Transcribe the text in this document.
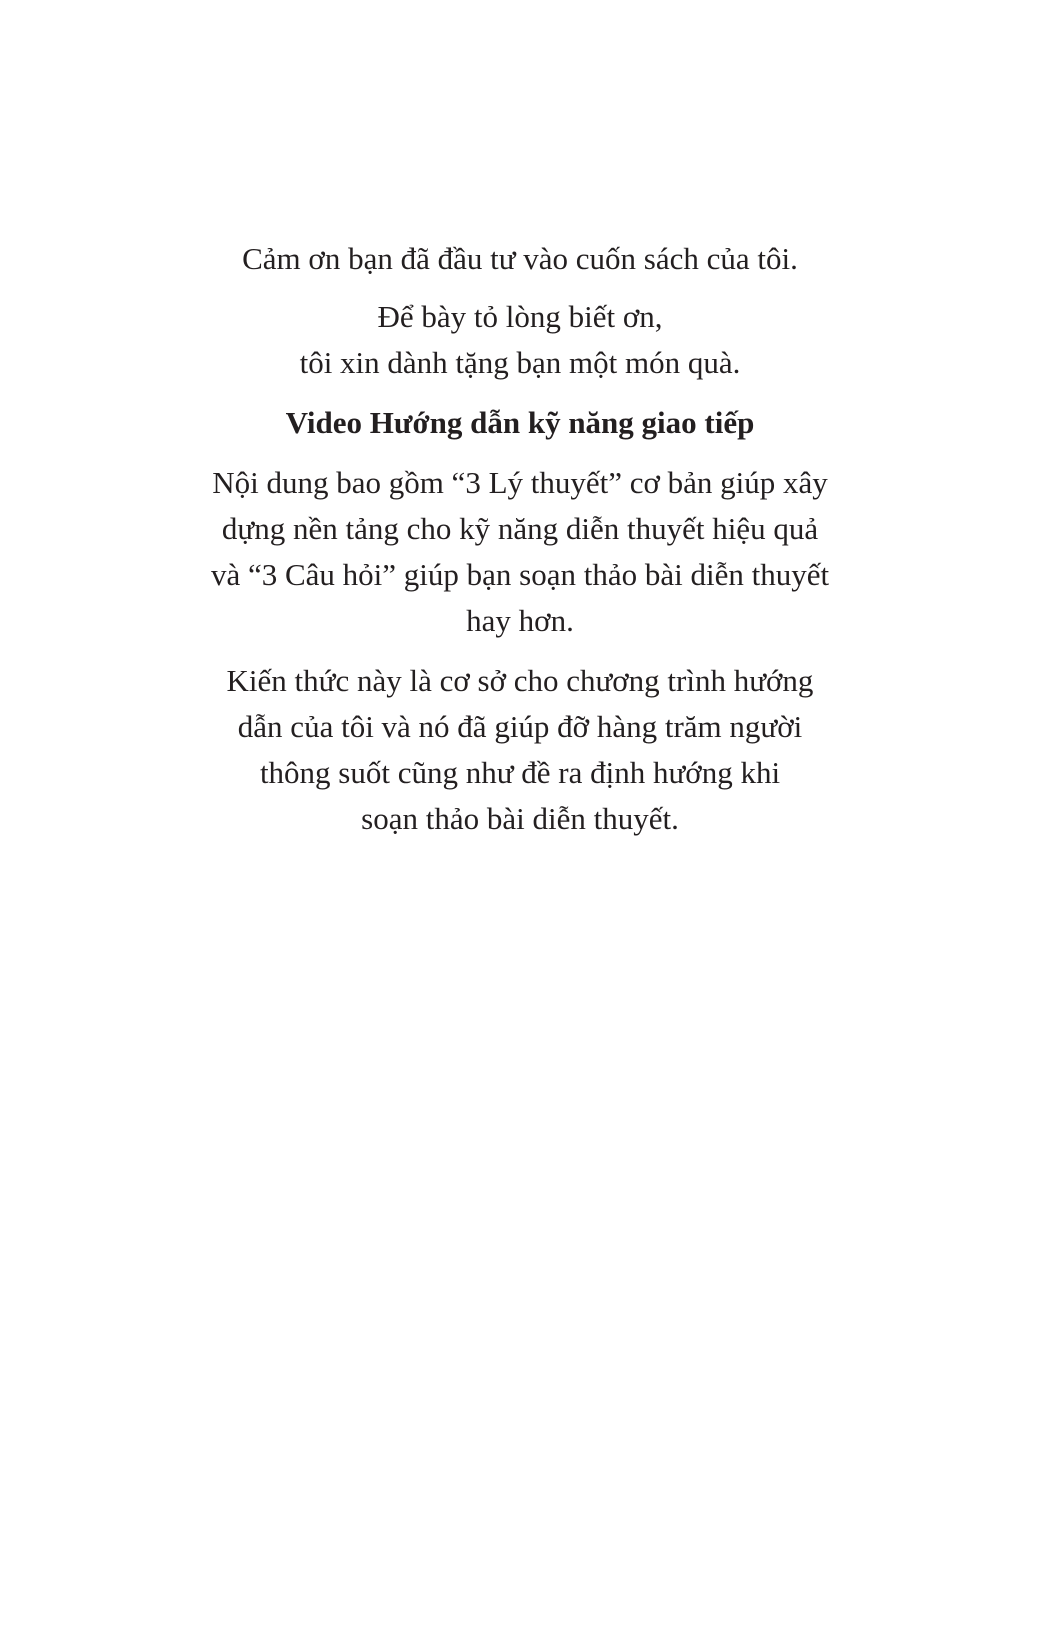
Cảm ơn bạn đã đầu tư vào cuốn sách của tôi.

Để bày tỏ lòng biết ơn,
tôi xin dành tặng bạn một món quà.

Video Hướng dẫn kỹ năng giao tiếp

Nội dung bao gồm “3 Lý thuyết” cơ bản giúp xây
dựng nền tảng cho kỹ năng diễn thuyết hiệu quả
và “3 Câu hỏi” giúp bạn soạn thảo bài diễn thuyết
hay hơn.

Kiến thức này là cơ sở cho chương trình hướng
dẫn của tôi và nó đã giúp đỡ hàng trăm người
thông suốt cũng như đề ra định hướng khi
soạn thảo bài diễn thuyết.
